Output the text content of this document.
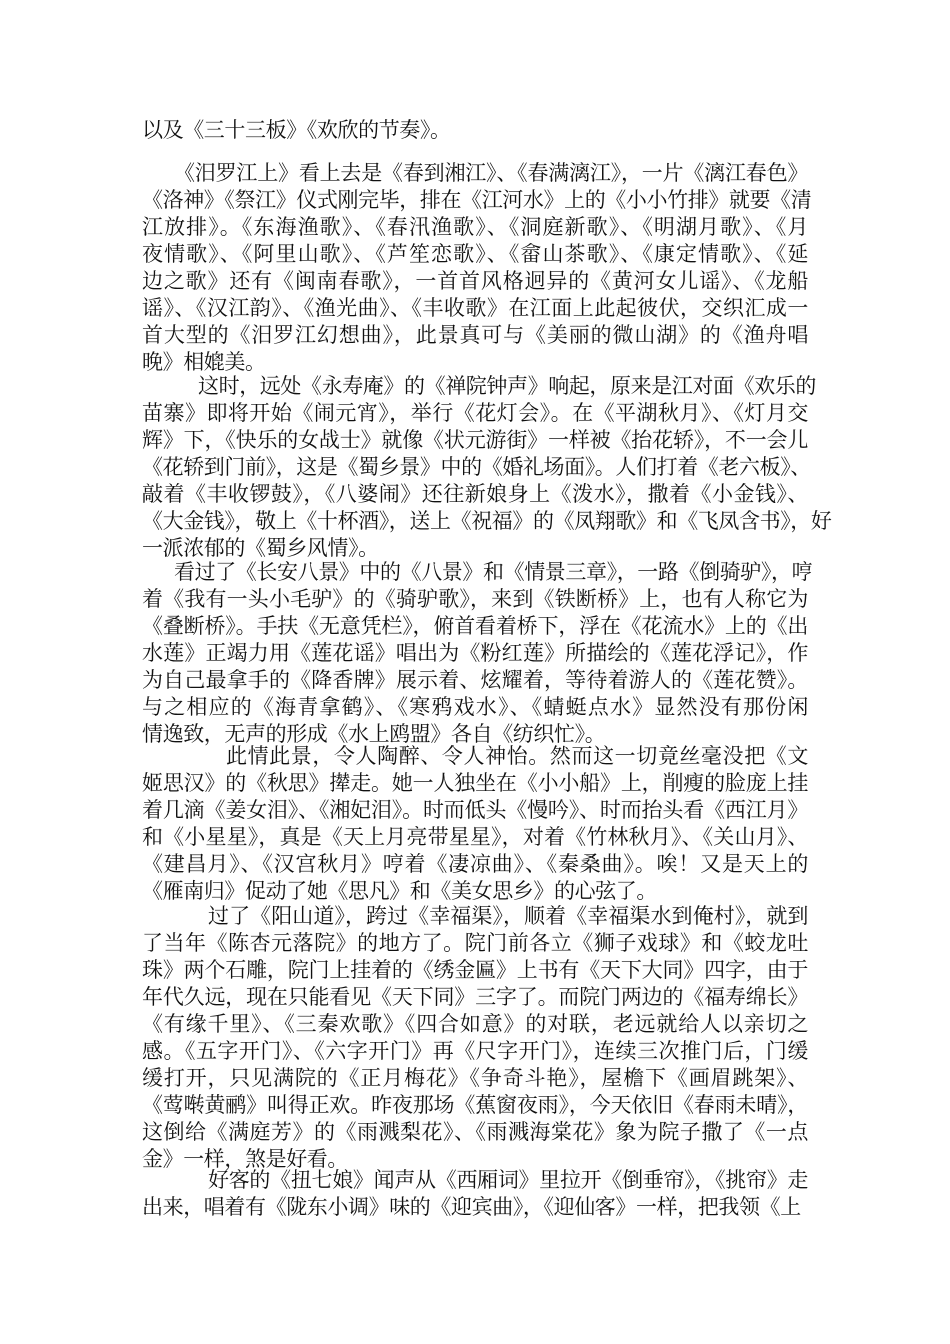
以及《三十三板》《欢欣的节奏》。
《汨罗江上》看上去是《春到湘江》、《春满漓江》，一片《漓江春色》
《洛神》《祭江》仪式刚完毕，排在《江河水》上的《小小竹排》就要《清
江放排》。《东海渔歌》、《春汛渔歌》、《洞庭新歌》、《明湖月歌》、《月
夜情歌》、《阿里山歌》、《芦笙恋歌》、《畲山茶歌》、《康定情歌》、《延
边之歌》还有《闽南春歌》，一首首风格迥异的《黄河女儿谣》、《龙船
谣》、《汉江韵》、《渔光曲》、《丰收歌》在江面上此起彼伏，交织汇成一
首大型的《汨罗江幻想曲》，此景真可与《美丽的微山湖》的《渔舟唱
晚》相媲美。
这时，远处《永寿庵》的《禅院钟声》响起，原来是江对面《欢乐的
苗寨》即将开始《闹元宵》，举行《花灯会》。在《平湖秋月》、《灯月交
辉》下，《快乐的女战士》就像《状元游街》一样被《抬花轿》，不一会儿
《花轿到门前》，这是《蜀乡景》中的《婚礼场面》。人们打着《老六板》、
敲着《丰收锣鼓》，《八婆闹》还往新娘身上《泼水》，撒着《小金钱》、
《大金钱》，敬上《十杯酒》，送上《祝福》的《凤翔歌》和《飞凤含书》，好
一派浓郁的《蜀乡风情》。
看过了《长安八景》中的《八景》和《情景三章》，一路《倒骑驴》，哼
着《我有一头小毛驴》的《骑驴歌》，来到《铁断桥》上，也有人称它为
《叠断桥》。手扶《无意凭栏》，俯首看着桥下，浮在《花流水》上的《出
水莲》正竭力用《莲花谣》唱出为《粉红莲》所描绘的《莲花浮记》，作
为自己最拿手的《降香牌》展示着、炫耀着，等待着游人的《莲花赞》。
与之相应的《海青拿鹤》、《寒鸦戏水》、《蜻蜓点水》显然没有那份闲
情逸致，无声的形成《水上鸥盟》各自《纺织忙》。
此情此景，令人陶醉、令人神怡。然而这一切竟丝毫没把《文
姬思汉》的《秋思》撵走。她一人独坐在《小小船》上，削瘦的脸庞上挂
着几滴《姜女泪》、《湘妃泪》。时而低头《慢吟》、时而抬头看《西江月》
和《小星星》，真是《天上月亮带星星》，对着《竹林秋月》、《关山月》、
《建昌月》、《汉宫秋月》哼着《凄凉曲》、《秦桑曲》。唉！又是天上的
《雁南归》促动了她《思凡》和《美女思乡》的心弦了。
过了《阳山道》，跨过《幸福渠》，顺着《幸福渠水到俺村》，就到
了当年《陈杏元落院》的地方了。院门前各立《狮子戏球》和《蛟龙吐
珠》两个石雕，院门上挂着的《绣金匾》上书有《天下大同》四字，由于
年代久远，现在只能看见《天下同》三字了。而院门两边的《福寿绵长》
《有缘千里》、《三秦欢歌》《四合如意》的对联，老远就给人以亲切之
感。《五字开门》、《六字开门》再《尺字开门》，连续三次推门后，门缓
缓打开，只见满院的《正月梅花》《争奇斗艳》，屋檐下《画眉跳架》、
《莺啭黄鹂》叫得正欢。昨夜那场《蕉窗夜雨》，今天依旧《春雨未晴》，
这倒给《满庭芳》的《雨溅梨花》、《雨溅海棠花》象为院子撒了《一点
金》一样，煞是好看。
好客的《扭七娘》闻声从《西厢词》里拉开《倒垂帘》，《挑帘》走
出来，唱着有《陇东小调》味的《迎宾曲》，《迎仙客》一样，把我领《上
